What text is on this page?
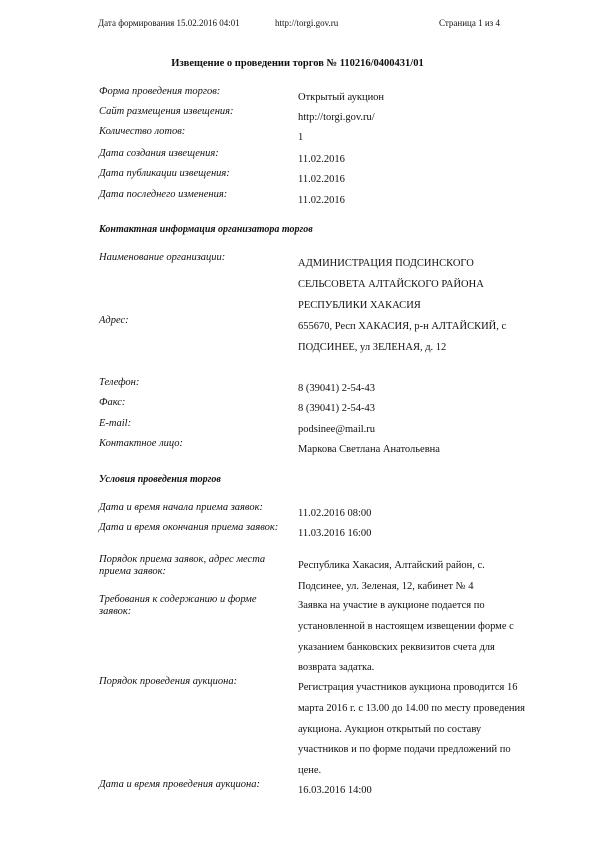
Дата формирования 15.02.2016 04:01	http://torgi.gov.ru	Страница 1 из 4
Извещение о проведении торгов № 110216/0400431/01
Форма проведения торгов:
Открытый аукцион
Сайт размещения извещения:
http://torgi.gov.ru/
Количество лотов:
1
Дата создания извещения:
11.02.2016
Дата публикации извещения:
11.02.2016
Дата последнего изменения:
11.02.2016
Контактная информация организатора торгов
Наименование организации:
АДМИНИСТРАЦИЯ ПОДСИНСКОГО СЕЛЬСОВЕТА АЛТАЙСКОГО РАЙОНА РЕСПУБЛИКИ ХАКАСИЯ
Адрес:
655670, Респ ХАКАСИЯ, р-н АЛТАЙСКИЙ, с ПОДСИНЕЕ, ул ЗЕЛЕНАЯ, д. 12
Телефон:
8 (39041) 2-54-43
Факс:
8 (39041) 2-54-43
E-mail:
podsinee@mail.ru
Контактное лицо:
Маркова Светлана Анатольевна
Условия проведения торгов
Дата и время начала приема заявок:
11.02.2016 08:00
Дата и время окончания приема заявок:
11.03.2016 16:00
Порядок приема заявок, адрес места приема заявок:
Республика Хакасия, Алтайский район, с. Подсинее, ул. Зеленая, 12, кабинет № 4
Требования к содержанию и форме заявок:
Заявка на участие в аукционе подается по установленной в настоящем извещении форме с указанием банковских реквизитов счета для возврата задатка.
Порядок проведения аукциона:
Регистрация участников аукциона проводится 16 марта 2016 г. с 13.00 до 14.00 по месту проведения аукциона. Аукцион открытый по составу участников и по форме подачи предложений по цене.
Дата и время проведения аукциона:
16.03.2016 14:00
